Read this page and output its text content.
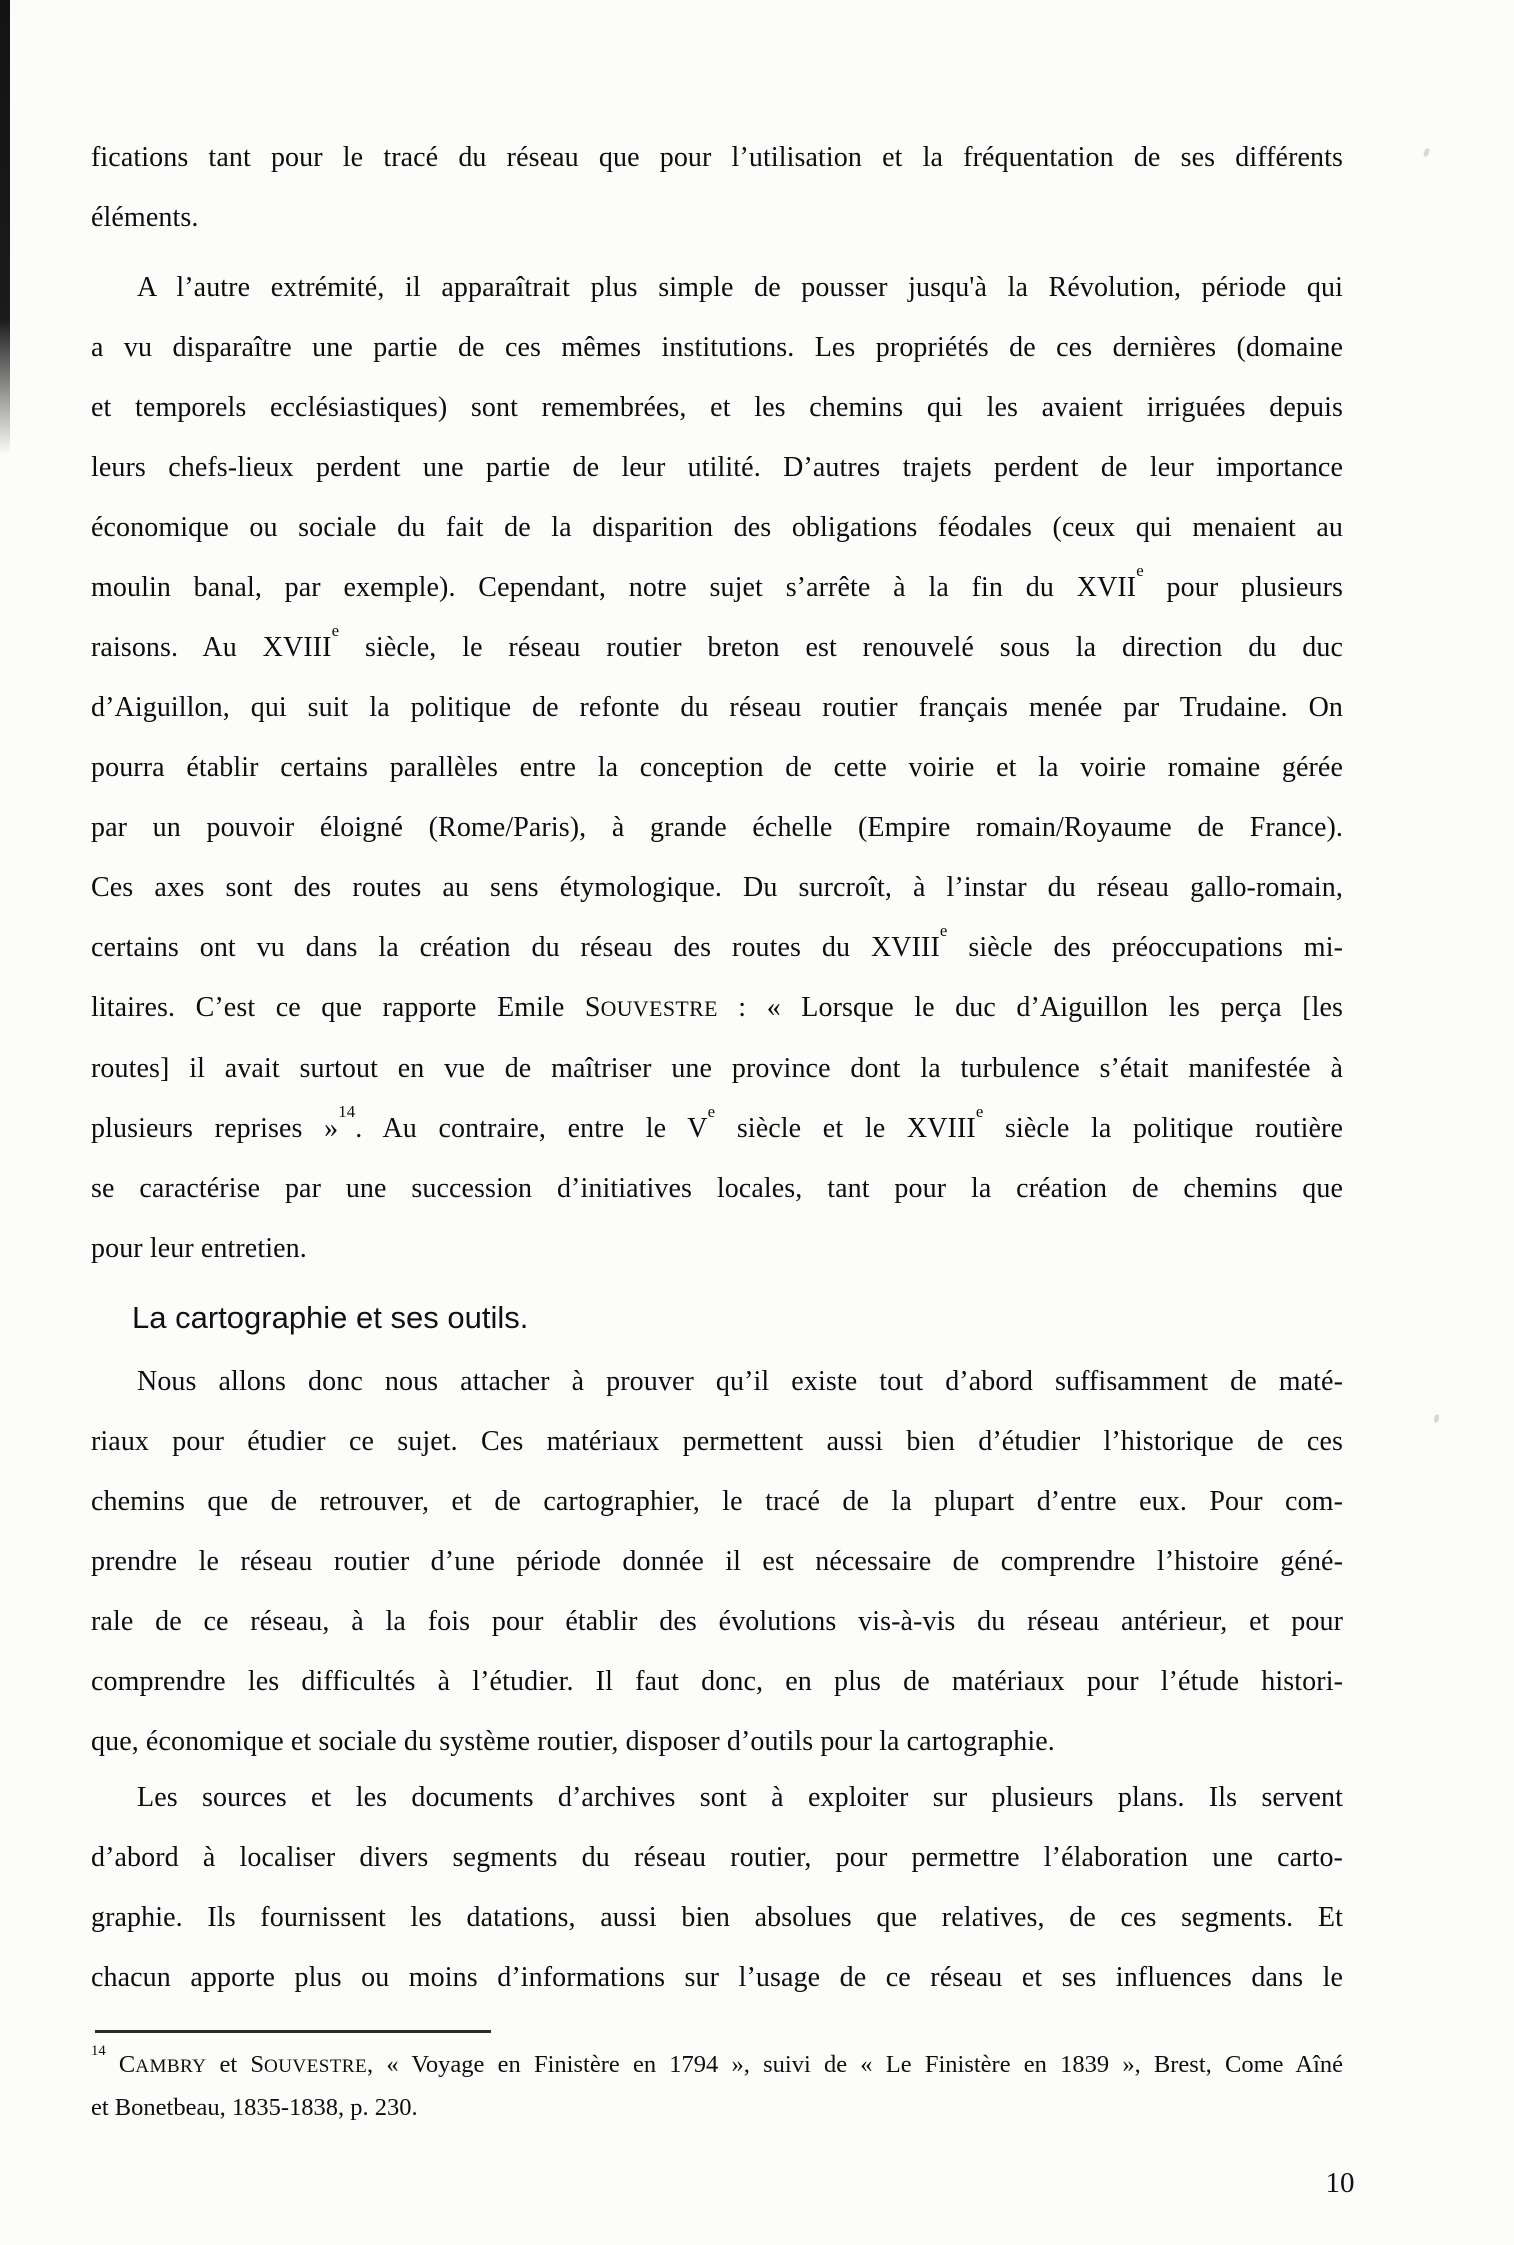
fications tant pour le tracé du réseau que pour l’utilisation et la fréquentation de ses différents
éléments.
A l’autre extrémité, il apparaîtrait plus simple de pousser jusqu'à la Révolution, période qui
a vu disparaître une partie de ces mêmes institutions. Les propriétés de ces dernières (domaine
et temporels ecclésiastiques) sont remembrées, et les chemins qui les avaient irriguées depuis
leurs chefs-lieux perdent une partie de leur utilité. D’autres trajets perdent de leur importance
économique ou sociale du fait de la disparition des obligations féodales (ceux qui menaient au
moulin banal, par exemple). Cependant, notre sujet s’arrête à la fin du XVIIe pour plusieurs
raisons. Au XVIIIe siècle, le réseau routier breton est renouvelé sous la direction du duc
d’Aiguillon, qui suit la politique de refonte du réseau routier français menée par Trudaine. On
pourra établir certains parallèles entre la conception de cette voirie et la voirie romaine gérée
par un pouvoir éloigné (Rome/Paris), à grande échelle (Empire romain/Royaume de France).
Ces axes sont des routes au sens étymologique. Du surcroît, à l’instar du réseau gallo-romain,
certains ont vu dans la création du réseau des routes du XVIIIe siècle des préoccupations mi-
litaires. C’est ce que rapporte Emile SOUVESTRE : « Lorsque le duc d’Aiguillon les perça [les
routes] il avait surtout en vue de maîtriser une province dont la turbulence s’était manifestée à
plusieurs reprises »$^{14}$. Au contraire, entre le Ve siècle et le XVIIIe siècle la politique routière
se caractérise par une succession d’initiatives locales, tant pour la création de chemins que
pour leur entretien.
La cartographie et ses outils.
Nous allons donc nous attacher à prouver qu’il existe tout d’abord suffisamment de maté-
riaux pour étudier ce sujet. Ces matériaux permettent aussi bien d’étudier l’historique de ces
chemins que de retrouver, et de cartographier, le tracé de la plupart d’entre eux. Pour com-
prendre le réseau routier d’une période donnée il est nécessaire de comprendre l’histoire géné-
rale de ce réseau, à la fois pour établir des évolutions vis-à-vis du réseau antérieur, et pour
comprendre les difficultés à l’étudier. Il faut donc, en plus de matériaux pour l’étude histori-
que, économique et sociale du système routier, disposer d’outils pour la cartographie.
Les sources et les documents d’archives sont à exploiter sur plusieurs plans. Ils servent
d’abord à localiser divers segments du réseau routier, pour permettre l’élaboration une carto-
graphie. Ils fournissent les datations, aussi bien absolues que relatives, de ces segments. Et
chacun apporte plus ou moins d’informations sur l’usage de ce réseau et ses influences dans le
$^{14}$ CAMBRY et SOUVESTRE, « Voyage en Finistère en 1794 », suivi de « Le Finistère en 1839 », Brest, Come Aîné
et Bonetbeau, 1835-1838, p. 230.
10
